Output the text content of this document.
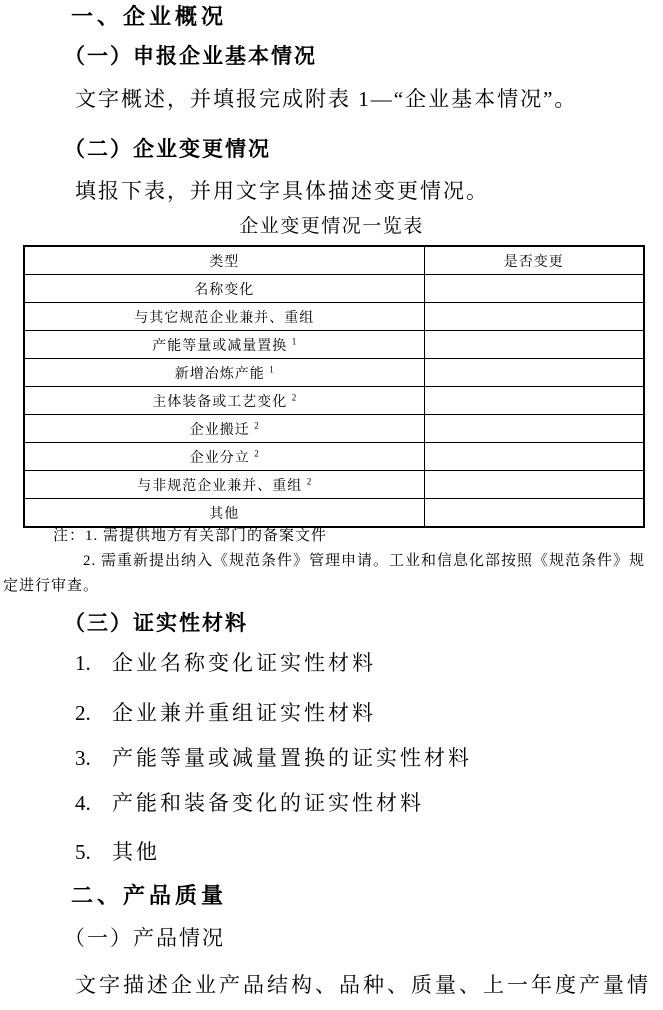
一、企业概况
（一）申报企业基本情况
文字概述，并填报完成附表 1—“企业基本情况”。
（二）企业变更情况
填报下表，并用文字具体描述变更情况。
企业变更情况一览表
类型	是否变更
名称变化	
与其它规范企业兼并、重组	
产能等量或减量置换 $^1$	
新增冶炼产能 $^1$	
主体装备或工艺变化 $^2$	
企业搬迁 $^2$	
企业分立 $^2$	
与非规范企业兼并、重组 $^2$	
其他	
注：1. 需提供地方有关部门的备案文件
2. 需重新提出纳入《规范条件》管理申请。工业和信息化部按照《规范条件》规
定进行审查。
（三）证实性材料
1. 企业名称变化证实性材料
2. 企业兼并重组证实性材料
3. 产能等量或减量置换的证实性材料
4. 产能和装备变化的证实性材料
5. 其他
二、产品质量
（一）产品情况
文字描述企业产品结构、品种、质量、上一年度产量情
